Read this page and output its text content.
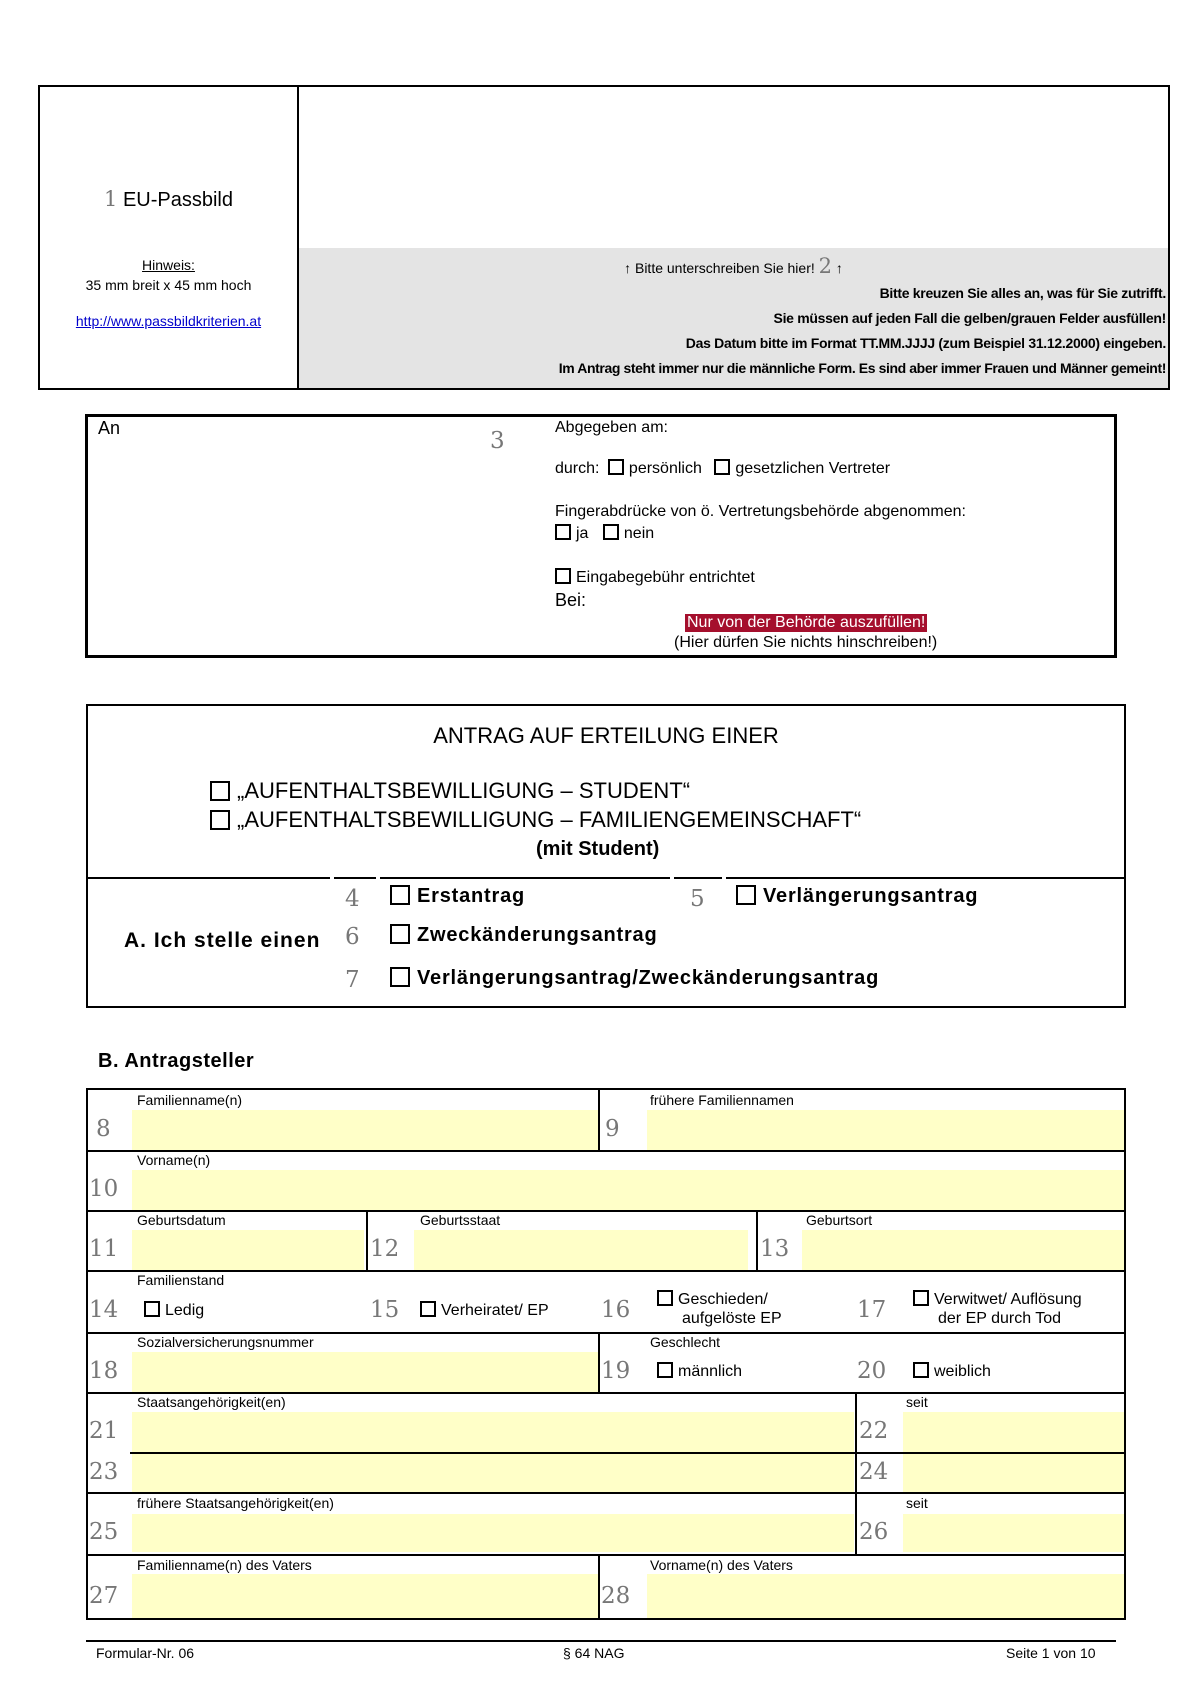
1 EU-Passbild
Hinweis:
35 mm breit x 45 mm hoch
http://www.passbildkriterien.at
↑ Bitte unterschreiben Sie hier! 2 ↑
Bitte kreuzen Sie alles an, was für Sie zutrifft.
Sie müssen auf jeden Fall die gelben/grauen Felder ausfüllen!
Das Datum bitte im Format TT.MM.JJJJ (zum Beispiel 31.12.2000) eingeben.
Im Antrag steht immer nur die männliche Form. Es sind aber immer Frauen und Männer gemeint!
An	3
Abgegeben am:
durch: persönlich gesetzlichen Vertreter
Fingerabdrücke von ö. Vertretungsbehörde abgenommen:
ja nein
Eingabegebühr entrichtet
Bei:
Nur von der Behörde auszufüllen!
(Hier dürfen Sie nichts hinschreiben!)
ANTRAG AUF ERTEILUNG EINER
„AUFENTHALTSBEWILLIGUNG – STUDENT“
„AUFENTHALTSBEWILLIGUNG – FAMILIENGEMEINSCHAFT“
(mit Student)
A. Ich stelle einen
4	Erstantrag	5	Verlängerungsantrag
6	Zweckänderungsantrag
7	Verlängerungsantrag/Zweckänderungsantrag
B. Antragsteller
Familienname(n)
8
frühere Familiennamen
9
Vorname(n)
10
Geburtsdatum
11
Geburtsstaat
12
Geburtsort
13
Familienstand
14	Ledig	15	Verheiratet/ EP 16	Geschieden/
aufgelöste EP	17	Verwitwet/ Auflösung
der EP durch Tod
Sozialversicherungsnummer
18
Geschlecht
19	männlich	20	weiblich
Staatsangehörigkeit(en)
21
seit
22
23	24
frühere Staatsangehörigkeit(en)
25
seit
26
Familienname(n) des Vaters
27
Vorname(n) des Vaters
28
Formular-Nr. 06	§ 64 NAG	Seite 1 von 10
